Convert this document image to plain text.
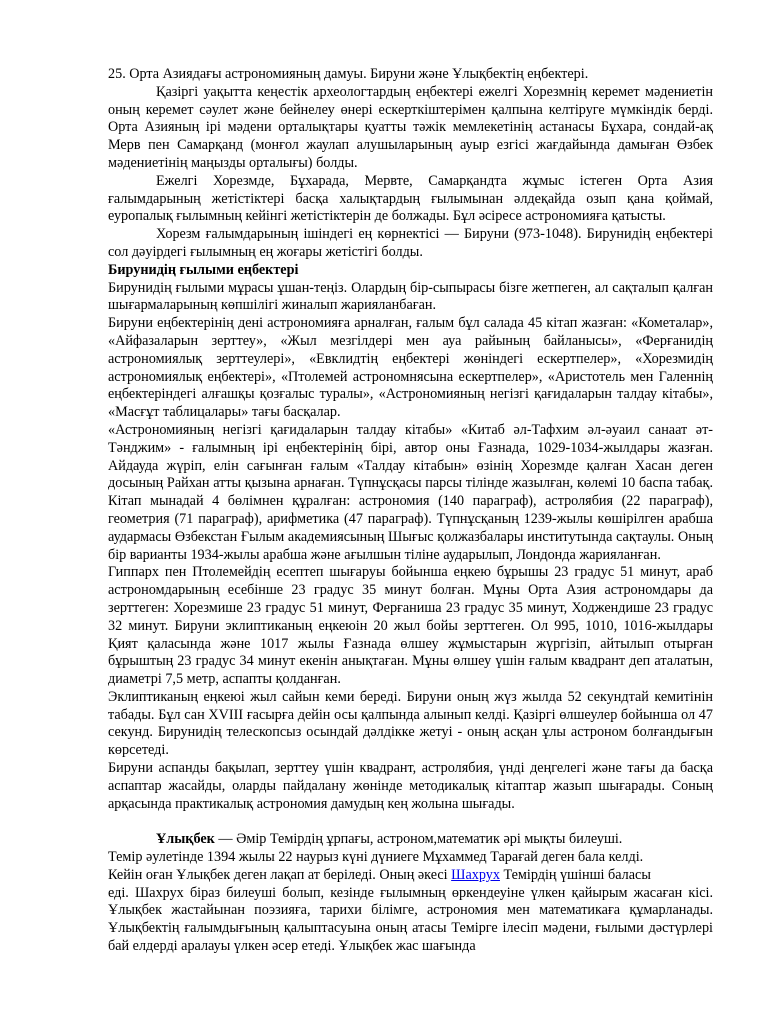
25. Орта Азиядағы астрономияның дамуы. Бируни және Ұлықбектің еңбектері.

Қазіргі уақытта кеңестік археологтардың еңбектері ежелгі Хорезмнің керемет мәдениетін оның керемет сәулет және бейнелеу өнері ескерткіштерімен қалпына келтіруге мүмкіндік берді. Орта Азияның ірі мәдени орталықтары қуатты тәжік мемлекетінің астанасы Бұхара, сондай-ақ Мерв пен Самарқанд (монғол жаулап алушыларының ауыр езгісі жағдайында дамыған Өзбек мәдениетінің маңызды орталығы) болды.

Ежелгі Хорезмде, Бұхарада, Мервте, Самарқандта жұмыс істеген Орта Азия ғалымдарының жетістіктері басқа халықтардың ғылымынан әлдеқайда озып қана қоймай, еуропалық ғылымның кейінгі жетістіктерін де болжады. Бұл әсіресе астрономияға қатысты.

Хорезм ғалымдарының ішіндегі ең көрнектісі — Бируни (973-1048). Бирунидің еңбектері сол дәуірдегі ғылымның ең жоғары жетістігі болды.

Бирунидің ғылыми еңбектері

Бирунидің ғылыми мұрасы ұшан-теңіз. Олардың бір-сыпырасы бізге жетпеген, ал сақталып қалған шығармаларының көпшілігі жиналып жарияланбаған.

Бируни еңбектерінің дені астрономияға арналған, ғалым бұл салада 45 кітап жазған: «Кометалар», «Айфазаларын зерттеу», «Жыл мезгілдері мен ауа райының байланысы», «Ферғанидің астрономиялық зерттеулері», «Евклидтің еңбектері жөніндегі ескертпелер», «Хорезмидің астрономиялық еңбектері», «Птолемей астрономнясына ескертпелер», «Аристотель мен Галеннің еңбектеріндегі алғашқы қозғалыс туралы», «Астрономияның негізгі қағидаларын талдау кітабы», «Масғұт таблицалары» тағы басқалар.

«Астрономияның негізгі қағидаларын талдау кітабы» «Китаб әл-Тафхим әл-әуаил санаат әт-Тәнджим» - ғалымның ірі еңбектерінің бірі, автор оны Ғазнада, 1029-1034-жылдары жазған. Айдауда жүріп, елін сағынған ғалым «Талдау кітабын» өзінің Хорезмде қалған Хасан деген досының Райхан атты қызына арнаған. Түпнұсқасы парсы тілінде жазылған, көлемі 10 баспа табақ. Кітап мынадай 4 бөлімнен құралған: астрономия (140 параграф), астролябия (22 параграф), геометрия (71 параграф), арифметика (47 параграф). Түпнұсқаның 1239-жылы көшірілген арабша аудармасы Өзбекстан Ғылым академиясының Шығыс қолжазбалары институтында сақтаулы. Оның бір варианты 1934-жылы арабша және ағылшын тіліне аударылып, Лондонда жарияланған.

Гиппарх пен Птолемейдің есептеп шығаруы бойынша еңкею бұрышы 23 градус 51 минут, араб астрономдарының есебінше 23 градус 35 минут болған. Мұны Орта Азия астрономдары да зерттеген: Хорезмише 23 градус 51 минут, Ферғаниша 23 градус 35 минут, Ходжендише 23 градус 32 минут. Бируни эклиптиканың еңкеюін 20 жыл бойы зерттеген. Ол 995, 1010, 1016-жылдары Қият қаласында және 1017 жылы Ғазнада өлшеу жұмыстарын жүргізіп, айтылып отырған бұрыштың 23 градус 34 минут екенін анықтаған. Мұны өлшеу үшін ғалым квадрант деп аталатын, диаметрі 7,5 метр, аспапты қолданған.

Эклиптиканың еңкеюі жыл сайын кеми береді. Бируни оның жүз жылда 52 секундтай кемитінін табады. Бұл сан XVIII ғасырға дейін осы қалпында алынып келді. Қазіргі өлшеулер бойынша ол 47 секунд. Бирунидің телескопсыз осындай дәлдікке жетуі - оның асқан ұлы астроном болғандығын көрсетеді.

Бируни аспанды бақылап, зерттеу үшін квадрант, астролябия, үнді деңгелегі және тағы да басқа аспаптар жасайды, оларды пайдалану жөнінде методикалық кітаптар жазып шығарады. Соның арқасында практикалық астрономия дамудың кең жолына шығады.

Ұлықбек — Әмір Темірдің ұрпағы, астроном,математик әрі мықты билеуші.

Темір әулетінде 1394 жылы 22 наурыз күні дүниеге Мұхаммед Тарағай деген бала келді.

Кейін оған Ұлықбек деген лақап ат беріледі. Оның әкесі Шахрух Темірдің үшінші баласы

еді. Шахрух біраз билеуші болып, кезінде ғылымның өркендеуіне үлкен қайырым жасаған кісі. Ұлықбек жастайынан поэзияға, тарихи білімге, астрономия мен математикаға құмарланады. Ұлықбектің ғалымдығының қалыптасуына оның атасы Темірге ілесіп мәдени, ғылыми дәстүрлері бай елдерді аралауы үлкен әсер етеді. Ұлықбек жас шағында
